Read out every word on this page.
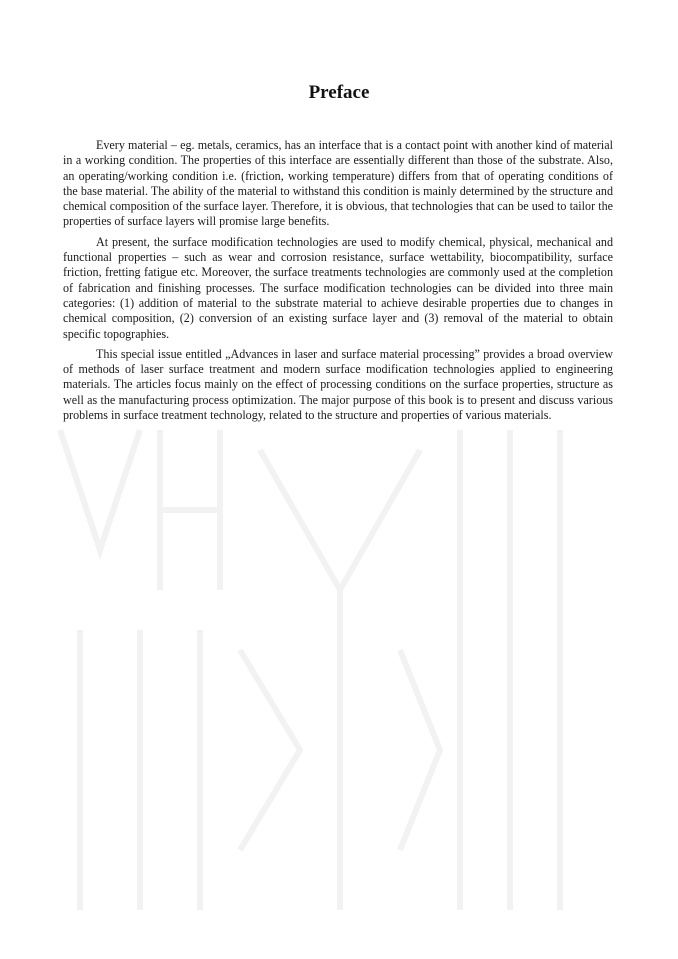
Preface

Every material – eg. metals, ceramics, has an interface that is a contact point with another kind of material in a working condition. The properties of this interface are essentially different than those of the substrate. Also, an operating/working condition i.e. (friction, working temperature) differs from that of operating conditions of the base material. The ability of the material to withstand this condition is mainly determined by the structure and chemical composition of the surface layer. Therefore, it is obvious, that technologies that can be used to tailor the properties of surface layers will promise large benefits.

At present, the surface modification technologies are used to modify chemical, physical, mechanical and functional properties – such as wear and corrosion resistance, surface wettability, biocompatibility, surface friction, fretting fatigue etc. Moreover, the surface treatments technologies are commonly used at the completion of fabrication and finishing processes. The surface modification technologies can be divided into three main categories: (1) addition of material to the substrate material to achieve desirable properties due to changes in chemical composition, (2) conversion of an existing surface layer and (3) removal of the material to obtain specific topographies.

This special issue entitled „Advances in laser and surface material processing” provides a broad overview of methods of laser surface treatment and modern surface modification technologies applied to engineering materials. The articles focus mainly on the effect of processing conditions on the surface properties, structure as well as the manufacturing process optimization. The major purpose of this book is to present and discuss various problems in surface treatment technology, related to the structure and properties of various materials.
